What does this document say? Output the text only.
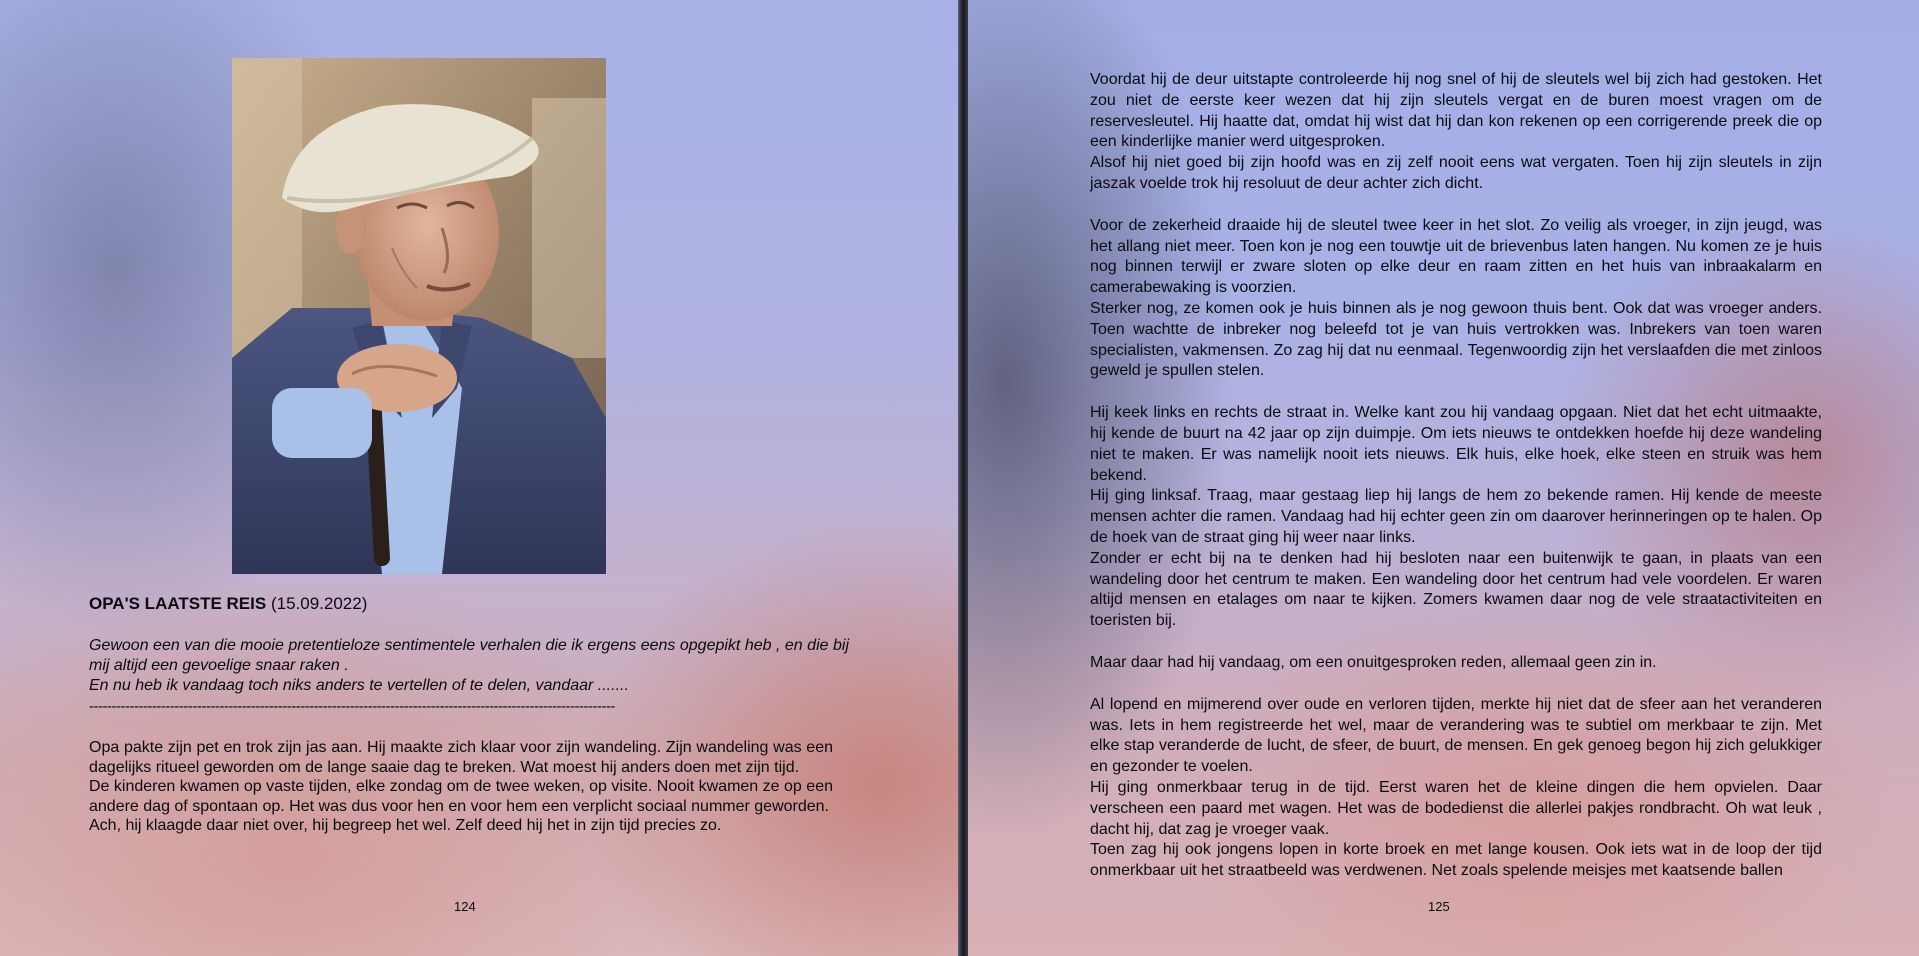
OPA'S LAATSTE REIS (15.09.2022)

Gewoon een van die mooie pretentieloze sentimentele verhalen die ik ergens eens opgepikt heb , en die bij mij altijd een gevoelige snaar raken .

En nu heb ik vandaag toch niks anders te vertellen of te delen, vandaar .......

---------------------------------------------------------------------------------------------------------------------

Opa pakte zijn pet en trok zijn jas aan. Hij maakte zich klaar voor zijn wandeling. Zijn wandeling was een dagelijks ritueel geworden om de lange saaie dag te breken. Wat moest hij anders doen met zijn tijd.

De kinderen kwamen op vaste tijden, elke zondag om de twee weken, op visite. Nooit kwamen ze op een andere dag of spontaan op. Het was dus voor hen en voor hem een verplicht sociaal nummer geworden.

Ach, hij klaagde daar niet over, hij begreep het wel. Zelf deed hij het in zijn tijd precies zo.

124

Voordat hij de deur uitstapte controleerde hij nog snel of hij de sleutels wel bij zich had gestoken. Het zou niet de eerste keer wezen dat hij zijn sleutels vergat en de buren moest vragen om de reservesleutel. Hij haatte dat, omdat hij wist dat hij dan kon rekenen op een corrigerende preek die op een kinderlijke manier werd uitgesproken.

Alsof hij niet goed bij zijn hoofd was en zij zelf nooit eens wat vergaten. Toen hij zijn sleutels in zijn jaszak voelde trok hij resoluut de deur achter zich dicht.

Voor de zekerheid draaide hij de sleutel twee keer in het slot. Zo veilig als vroeger, in zijn jeugd, was het allang niet meer. Toen kon je nog een touwtje uit de brievenbus laten hangen. Nu komen ze je huis nog binnen terwijl er zware sloten op elke deur en raam zitten en het huis van inbraakalarm en camerabewaking is voorzien.

Sterker nog, ze komen ook je huis binnen als je nog gewoon thuis bent. Ook dat was vroeger anders. Toen wachtte de inbreker nog beleefd tot je van huis vertrokken was. Inbrekers van toen waren specialisten, vakmensen. Zo zag hij dat nu eenmaal. Tegenwoordig zijn het verslaafden die met zinloos geweld je spullen stelen.

Hij keek links en rechts de straat in. Welke kant zou hij vandaag opgaan. Niet dat het echt uitmaakte, hij kende de buurt na 42 jaar op zijn duimpje. Om iets nieuws te ontdekken hoefde hij deze wandeling niet te maken. Er was namelijk nooit iets nieuws. Elk huis, elke hoek, elke steen en struik was hem bekend.

Hij ging linksaf. Traag, maar gestaag liep hij langs de hem zo bekende ramen. Hij kende de meeste mensen achter die ramen. Vandaag had hij echter geen zin om daarover herinneringen op te halen. Op de hoek van de straat ging hij weer naar links.

Zonder er echt bij na te denken had hij besloten naar een buitenwijk te gaan, in plaats van een wandeling door het centrum te maken. Een wandeling door het centrum had vele voordelen. Er waren altijd mensen en etalages om naar te kijken. Zomers kwamen daar nog de vele straatactiviteiten en toeristen bij.

Maar daar had hij vandaag, om een onuitgesproken reden, allemaal geen zin in.

Al lopend en mijmerend over oude en verloren tijden, merkte hij niet dat de sfeer aan het veranderen was. Iets in hem registreerde het wel, maar de verandering was te subtiel om merkbaar te zijn. Met elke stap veranderde de lucht, de sfeer, de buurt, de mensen. En gek genoeg begon hij zich gelukkiger en gezonder te voelen.

Hij ging onmerkbaar terug in de tijd. Eerst waren het de kleine dingen die hem opvielen. Daar verscheen een paard met wagen. Het was de bodedienst die allerlei pakjes rondbracht. Oh wat leuk , dacht hij, dat zag je vroeger vaak.

Toen zag hij ook jongens lopen in korte broek en met lange kousen. Ook iets wat in de loop der tijd onmerkbaar uit het straatbeeld was verdwenen. Net zoals spelende meisjes met kaatsende ballen

125
